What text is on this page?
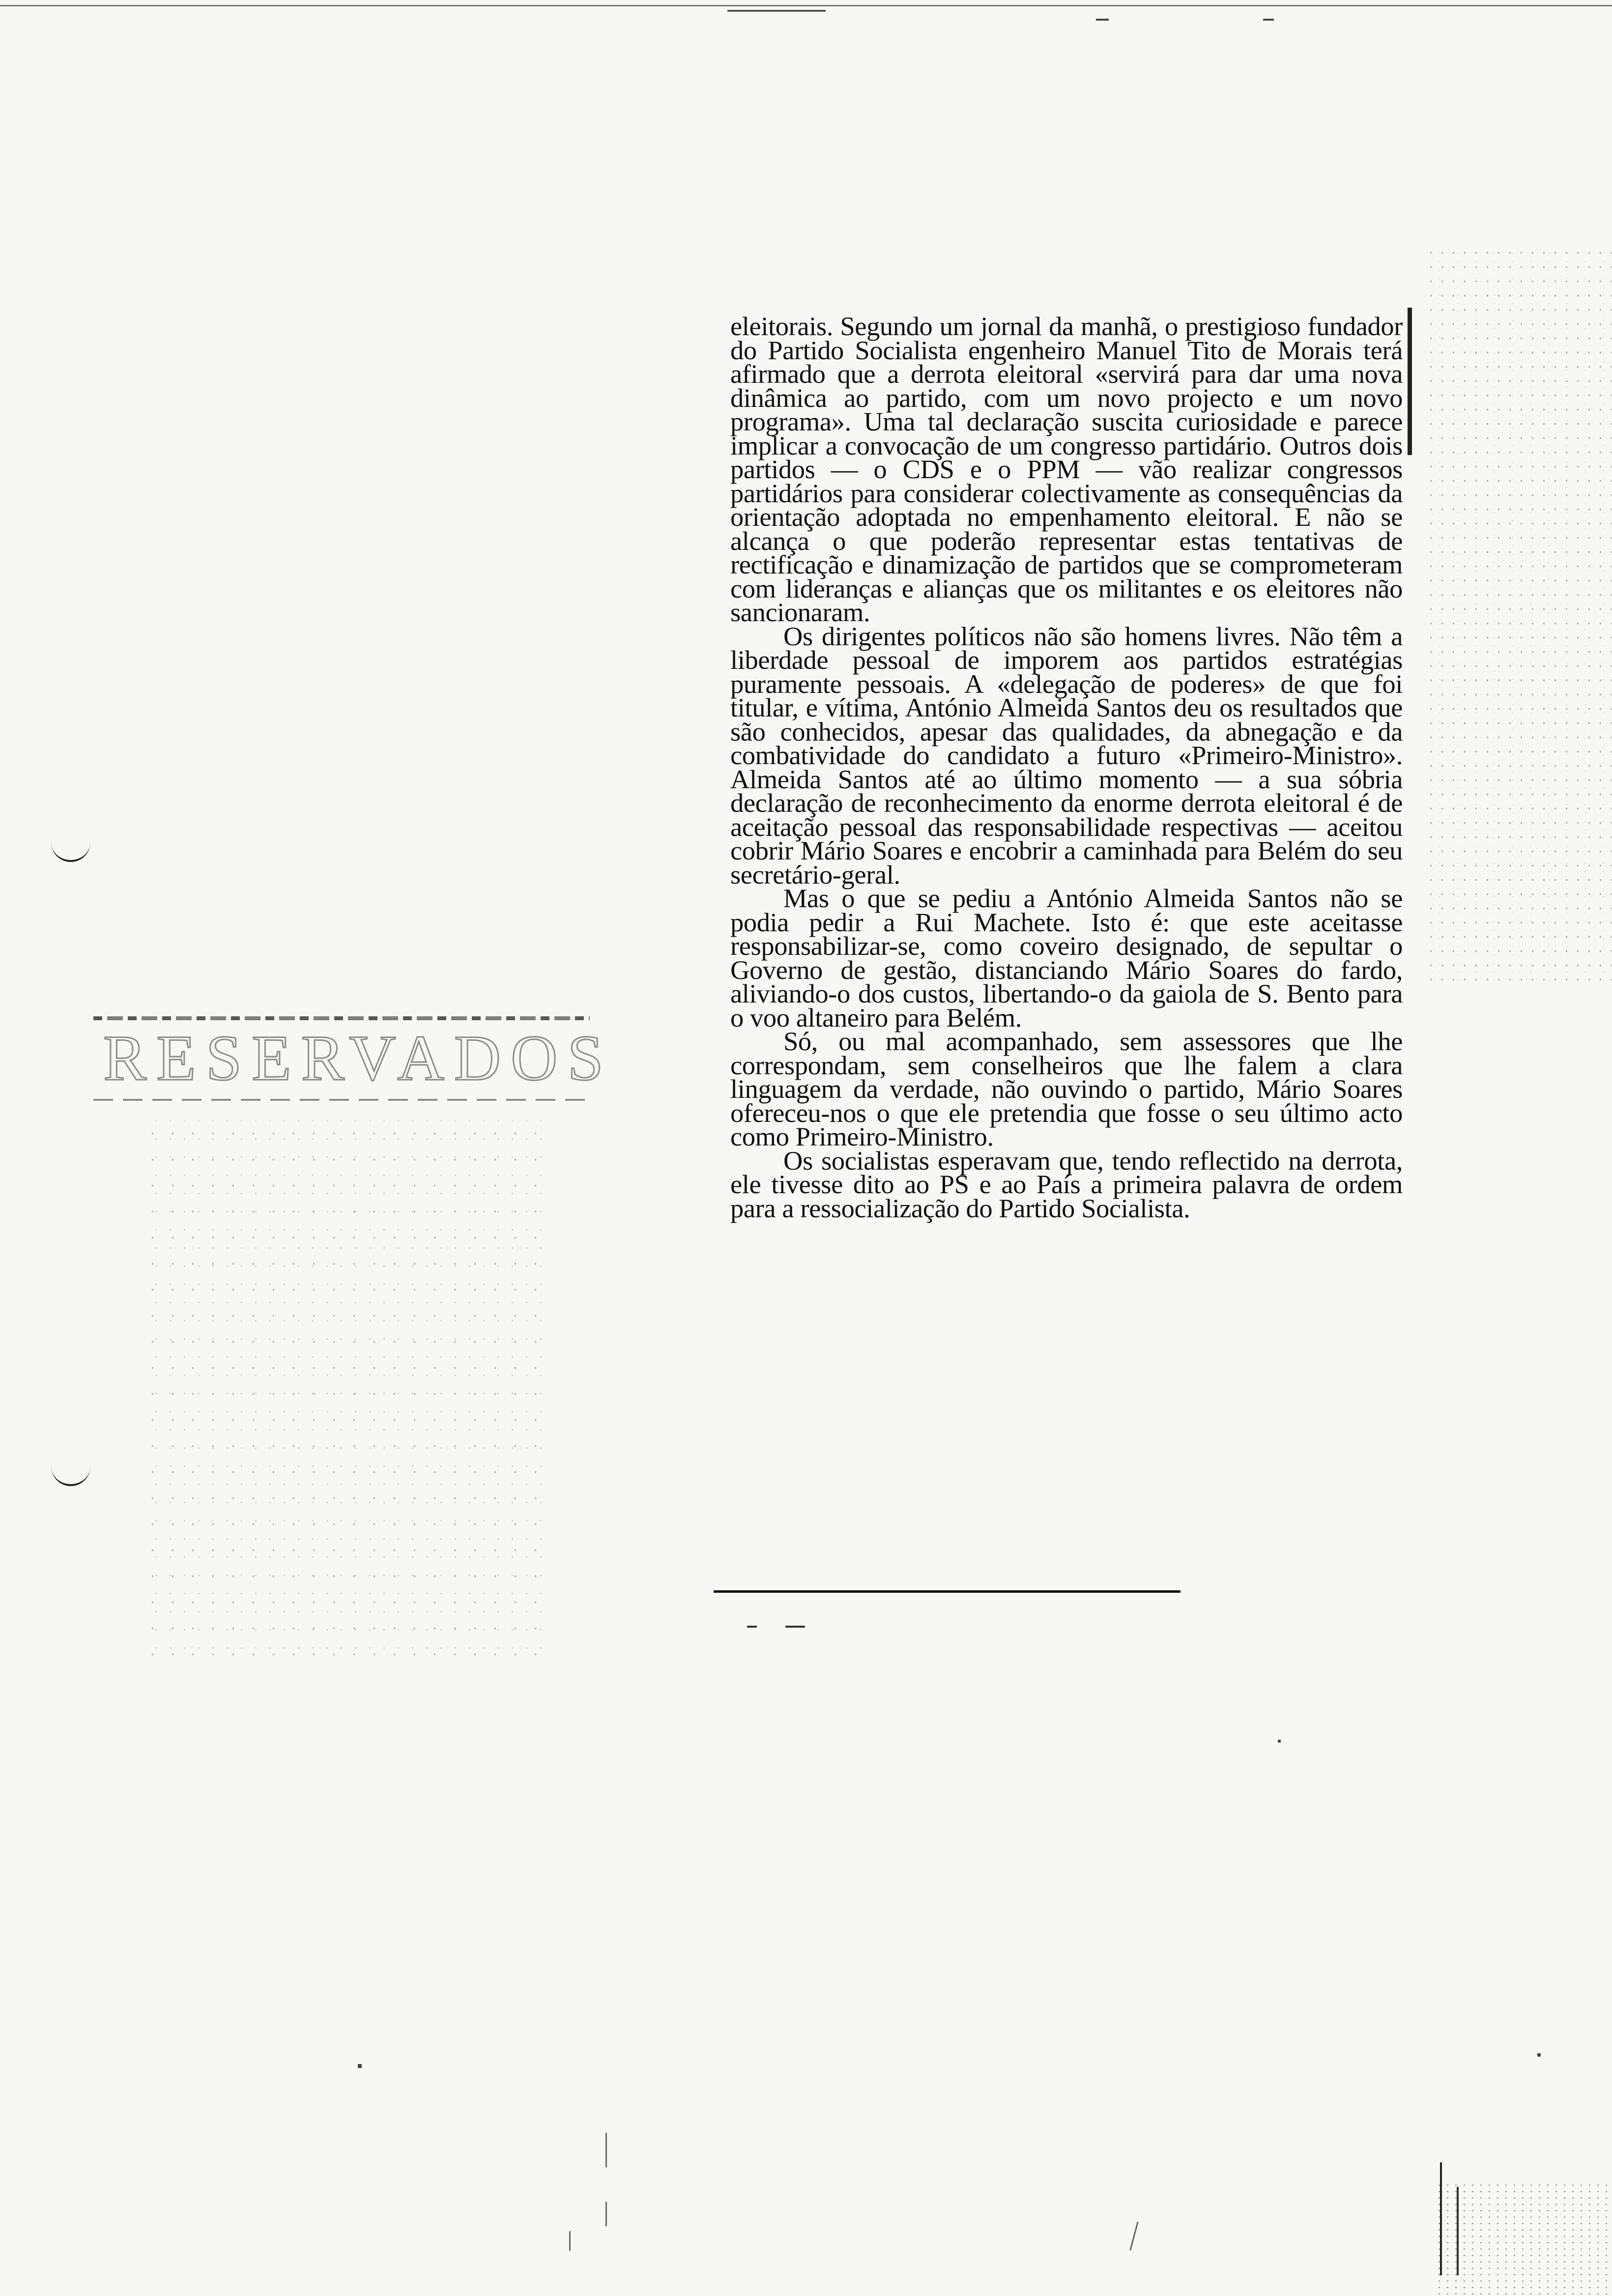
eleitorais. Segundo um jornal da manhã, o prestigioso fundador do Partido Socialista engenheiro Manuel Tito de Morais terá afirmado que a derrota eleitoral «servirá para dar uma nova dinâmica ao partido, com um novo projecto e um novo programa». Uma tal declaração suscita curiosidade e parece implicar a convocação de um congresso partidário. Outros dois partidos — o CDS e o PPM — vão realizar congressos partidários para considerar colectivamente as consequências da orientação adoptada no empenhamento eleitoral. E não se alcança o que poderão representar estas tentativas de rectificação e dinamização de partidos que se comprometeram com lideranças e alianças que os militantes e os eleitores não sancionaram.

Os dirigentes políticos não são homens livres. Não têm a liberdade pessoal de imporem aos partidos estratégias puramente pessoais. A «delegação de poderes» de que foi titular, e vítima, António Almeida Santos deu os resultados que são conhecidos, apesar das qualidades, da abnegação e da combatividade do candidato a futuro «Primeiro-Ministro». Almeida Santos até ao último momento — a sua sóbria declaração de reconhecimento da enorme derrota eleitoral é de aceitação pessoal das responsabilidade respectivas — aceitou cobrir Mário Soares e encobrir a caminhada para Belém do seu secretário-geral.

Mas o que se pediu a António Almeida Santos não se podia pedir a Rui Machete. Isto é: que este aceitasse responsabilizar-se, como coveiro designado, de sepultar o Governo de gestão, distanciando Mário Soares do fardo, aliviando-o dos custos, libertando-o da gaiola de S. Bento para o voo altaneiro para Belém.

Só, ou mal acompanhado, sem assessores que lhe correspondam, sem conselheiros que lhe falem a clara linguagem da verdade, não ouvindo o partido, Mário Soares ofereceu-nos o que ele pretendia que fosse o seu último acto como Primeiro-Ministro.

Os socialistas esperavam que, tendo reflectido na derrota, ele tivesse dito ao PS e ao País a primeira palavra de ordem para a ressocialização do Partido Socialista.

RESERVADOS
